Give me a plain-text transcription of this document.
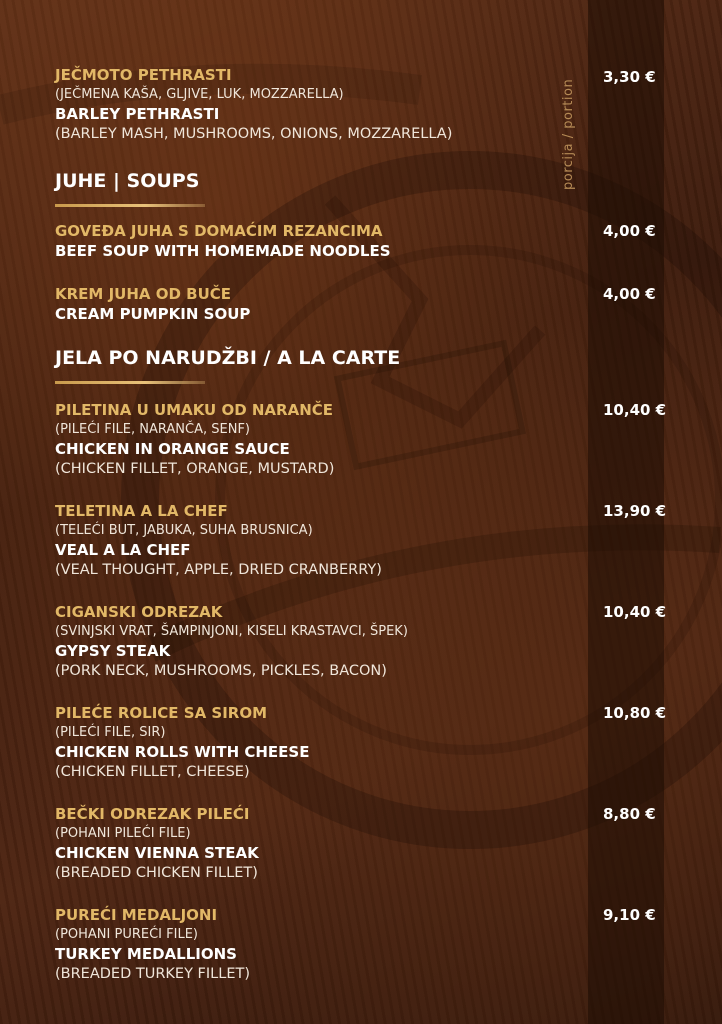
porcija / portion
JEČMOTO PETHRASTI
(JEČMENA KAŠA, GLJIVE, LUK, MOZZARELLA)
BARLEY PETHRASTI
(BARLEY MASH, MUSHROOMS, ONIONS, MOZZARELLA)
3,30 €
JUHE | SOUPS
GOVEĐA JUHA S DOMAĆIM REZANCIMA
BEEF SOUP WITH HOMEMADE NOODLES
4,00 €
KREM JUHA OD BUČE
CREAM PUMPKIN SOUP
4,00 €
JELA PO NARUDŽBI / A LA CARTE
PILETINA U UMAKU OD NARANČE
(PILEĆI FILE, NARANČA, SENF)
CHICKEN IN ORANGE SAUCE
(CHICKEN FILLET, ORANGE, MUSTARD)
10,40 €
TELETINA A LA CHEF
(TELEĆI BUT, JABUKA, SUHA BRUSNICA)
VEAL A LA CHEF
(VEAL THOUGHT, APPLE, DRIED CRANBERRY)
13,90 €
CIGANSKI ODREZAK
(SVINJSKI VRAT, ŠAMPINJONI, KISELI KRASTAVCI, ŠPEK)
GYPSY STEAK
(PORK NECK, MUSHROOMS, PICKLES, BACON)
10,40 €
PILEĆE ROLICE SA SIROM
(PILEĆI FILE, SIR)
CHICKEN ROLLS WITH CHEESE
(CHICKEN FILLET, CHEESE)
10,80 €
BEČKI ODREZAK PILEĆI
(POHANI PILEĆI FILE)
CHICKEN VIENNA STEAK
(BREADED CHICKEN FILLET)
8,80 €
PUREĆI MEDALJONI
(POHANI PUREĆI FILE)
TURKEY MEDALLIONS
(BREADED TURKEY FILLET)
9,10 €
